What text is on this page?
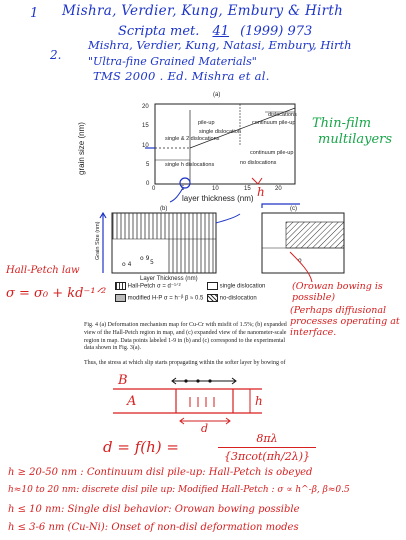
1 Mishra, Verdier, Kung, Embury & Hirth
Scripta met. 41 (1999) 973
2.
Mishra, Verdier, Kung, Natasi, Embury, Hirth
"Ultra-fine Grained Materials"
TMS 2000 . Ed. Mishra et al.
(a)
grain size (nm)
20
15
10
5
0
0	5	10	15	20
layer thickness (nm) h
dislocations
continuum pile-up
pile-up
single dislocation
single & 2 dislocations
continuum pile-up
no dislocations
single h dislocations
Thin-film
multilayers
(b)	(c)
o 9
5
o 4
Grain Size (nm)
Layer Thickness (nm)
o
Hall-Petch law
σ = σ₀ + kd⁻¹ᐟ²	(Orowan bowing is possible)
(Perhaps diffusional processes operating at interface.
Hall-Petch σ = d⁻¹ᐟ²	single dislocation
modified H-P σ = h⁻ᵝ β ≈ 0.5	no-dislocation
Fig. 4 (a) Deformation mechanism map for Cu-Cr with misfit of 1.5%; (b) expanded view of the Hall-Petch region in map, and (c) expanded view of the nanometer-scale region in map. Data points labeled 1-9 in (b) and (c) correspond to the experimental data shown in Fig. 3(a).
Thus, the stress at which slip starts propagating within the softer layer by bowing of
B
A	h
d
d = f(h) =	8πλ
{3πcot(πh/2λ)}
h ≥ 20-50 nm : Continuum disl pile-up: Hall-Petch is obeyed
h≈10 to 20 nm: discrete disl pile up: Modified Hall-Petch : σ ∝ h^-β, β≈0.5
h ≤ 10 nm: Single disl behavior: Orowan bowing possible
h ≤ 3-6 nm (Cu-Ni): Onset of non-disl deformation modes
